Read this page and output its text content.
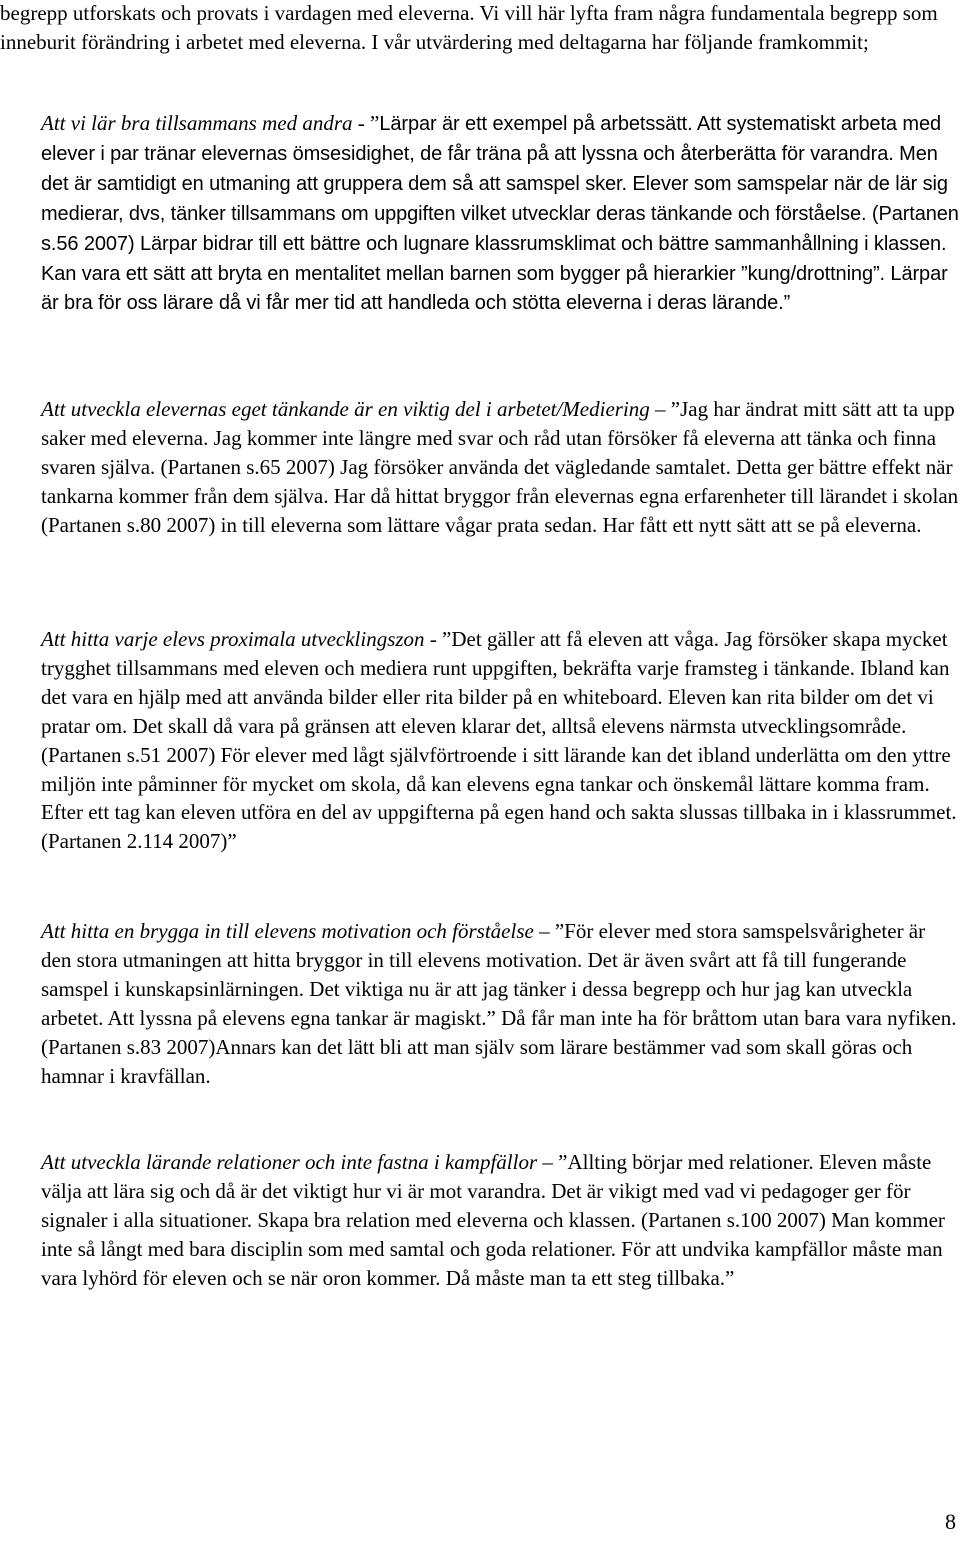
begrepp utforskats och provats i vardagen med eleverna. Vi vill här lyfta fram några fundamentala begrepp som inneburit förändring i arbetet med eleverna. I vår utvärdering med deltagarna har följande framkommit;

Att vi lär bra tillsammans med andra - ”Lärpar är ett exempel på arbetssätt. Att systematiskt arbeta med elever i par tränar elevernas ömsesidighet, de får träna på att lyssna och återberätta för varandra. Men det är samtidigt en utmaning att gruppera dem så att samspel sker. Elever som samspelar när de lär sig medierar, dvs, tänker tillsammans om uppgiften vilket utvecklar deras tänkande och förståelse. (Partanen s.56 2007) Lärpar bidrar till ett bättre och lugnare klassrumsklimat och bättre sammanhållning i klassen. Kan vara ett sätt att bryta en mentalitet mellan barnen som bygger på hierarkier ”kung/drottning”. Lärpar är bra för oss lärare då vi får mer tid att handleda och stötta eleverna i deras lärande.”

Att utveckla elevernas eget tänkande är en viktig del i arbetet/Mediering – ”Jag har ändrat mitt sätt att ta upp saker med eleverna. Jag kommer inte längre med svar och råd utan försöker få eleverna att tänka och finna svaren själva. (Partanen s.65 2007) Jag försöker använda det vägledande samtalet. Detta ger bättre effekt när tankarna kommer från dem själva. Har då hittat bryggor från elevernas egna erfarenheter till lärandet i skolan (Partanen s.80 2007) in till eleverna som lättare vågar prata sedan. Har fått ett nytt sätt att se på eleverna.

Att hitta varje elevs proximala utvecklingszon - ”Det gäller att få eleven att våga. Jag försöker skapa mycket trygghet tillsammans med eleven och mediera runt uppgiften, bekräfta varje framsteg i tänkande. Ibland kan det vara en hjälp med att använda bilder eller rita bilder på en whiteboard. Eleven kan rita bilder om det vi pratar om. Det skall då vara på gränsen att eleven klarar det, alltså elevens närmsta utvecklingsområde. (Partanen s.51 2007) För elever med lågt självförtroende i sitt lärande kan det ibland underlätta om den yttre miljön inte påminner för mycket om skola, då kan elevens egna tankar och önskemål lättare komma fram. Efter ett tag kan eleven utföra en del av uppgifterna på egen hand och sakta slussas tillbaka in i klassrummet. (Partanen 2.114 2007)”

Att hitta en brygga in till elevens motivation och förståelse – ”För elever med stora samspelsvårigheter är den stora utmaningen att hitta bryggor in till elevens motivation. Det är även svårt att få till fungerande samspel i kunskapsinlärningen. Det viktiga nu är att jag tänker i dessa begrepp och hur jag kan utveckla arbetet. Att lyssna på elevens egna tankar är magiskt.” Då får man inte ha för bråttom utan bara vara nyfiken. (Partanen s.83 2007)Annars kan det lätt bli att man själv som lärare bestämmer vad som skall göras och hamnar i kravfällan.

Att utveckla lärande relationer och inte fastna i kampfällor – ”Allting börjar med relationer. Eleven måste välja att lära sig och då är det viktigt hur vi är mot varandra. Det är vikigt med vad vi pedagoger ger för signaler i alla situationer. Skapa bra relation med eleverna och klassen. (Partanen s.100 2007) Man kommer inte så långt med bara disciplin som med samtal och goda relationer. För att undvika kampfällor måste man vara lyhörd för eleven och se när oron kommer. Då måste man ta ett steg tillbaka.”

8
